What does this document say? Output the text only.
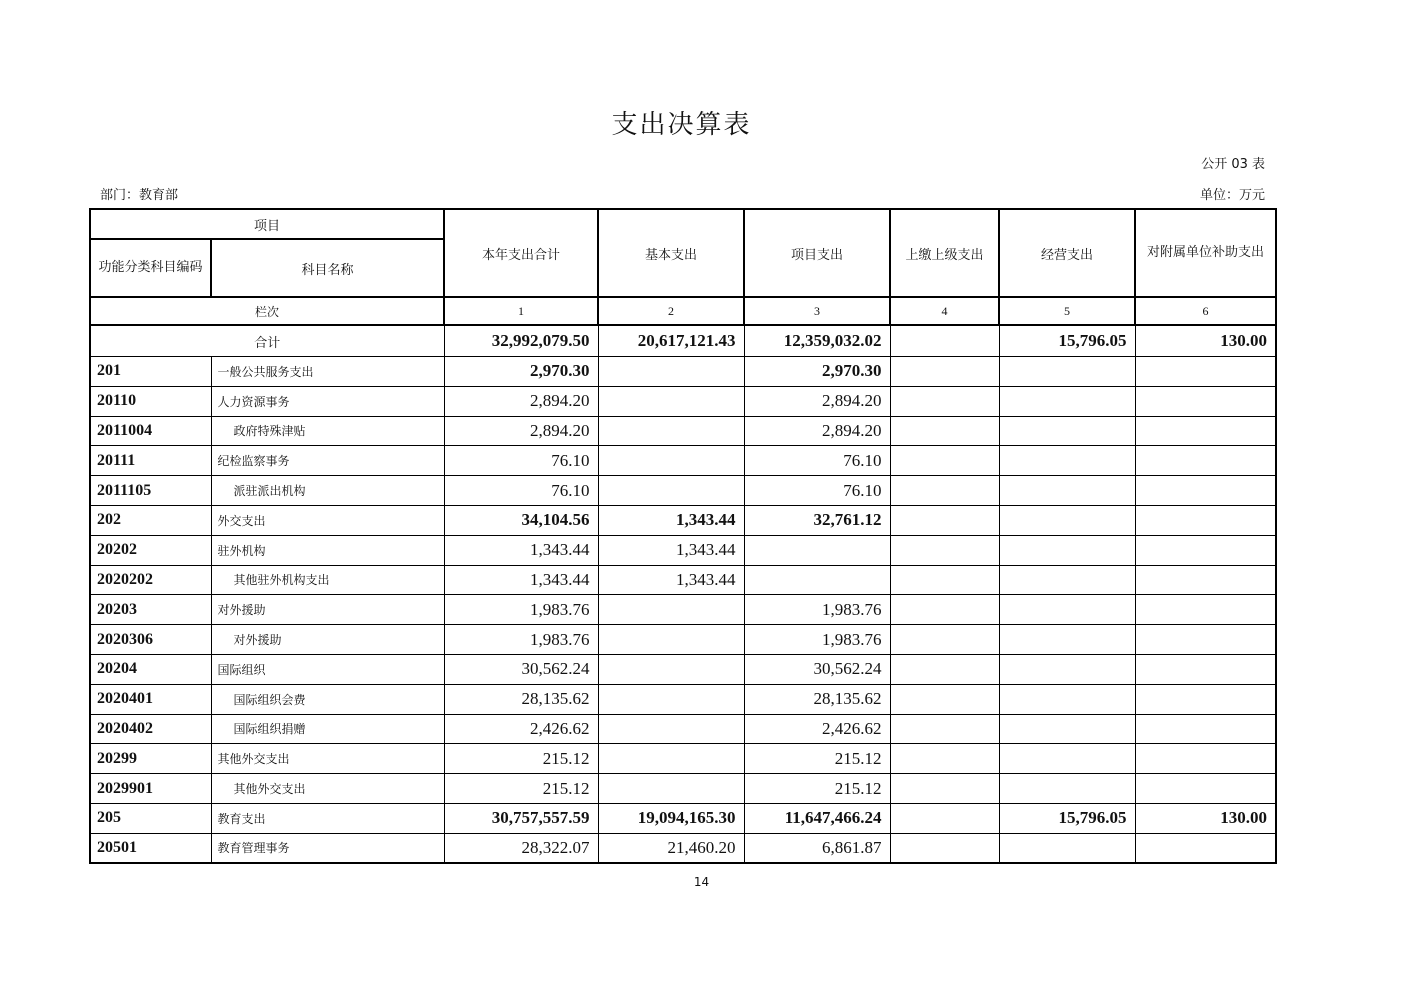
支出决算表
公开 03 表
部门：教育部	单位：万元
项目		本年支出合计	基本支出	项目支出	上缴上级支出	经营支出	对附属单位补助支出
功能分类科目编码	科目名称						
栏次		1	2	3	4	5	6
合计		32,992,079.50	20,617,121.43	12,359,032.02		15,796.05	130.00
201	一般公共服务支出	2,970.30		2,970.30			
20110	人力资源事务	2,894.20		2,894.20			
2011004	政府特殊津贴	2,894.20		2,894.20			
20111	纪检监察事务	76.10		76.10			
2011105	派驻派出机构	76.10		76.10			
202	外交支出	34,104.56	1,343.44	32,761.12			
20202	驻外机构	1,343.44	1,343.44				
2020202	其他驻外机构支出	1,343.44	1,343.44				
20203	对外援助	1,983.76		1,983.76			
2020306	对外援助	1,983.76		1,983.76			
20204	国际组织	30,562.24		30,562.24			
2020401	国际组织会费	28,135.62		28,135.62			
2020402	国际组织捐赠	2,426.62		2,426.62			
20299	其他外交支出	215.12		215.12			
2029901	其他外交支出	215.12		215.12			
205	教育支出	30,757,557.59	19,094,165.30	11,647,466.24		15,796.05	130.00
20501	教育管理事务	28,322.07	21,460.20	6,861.87			
14
